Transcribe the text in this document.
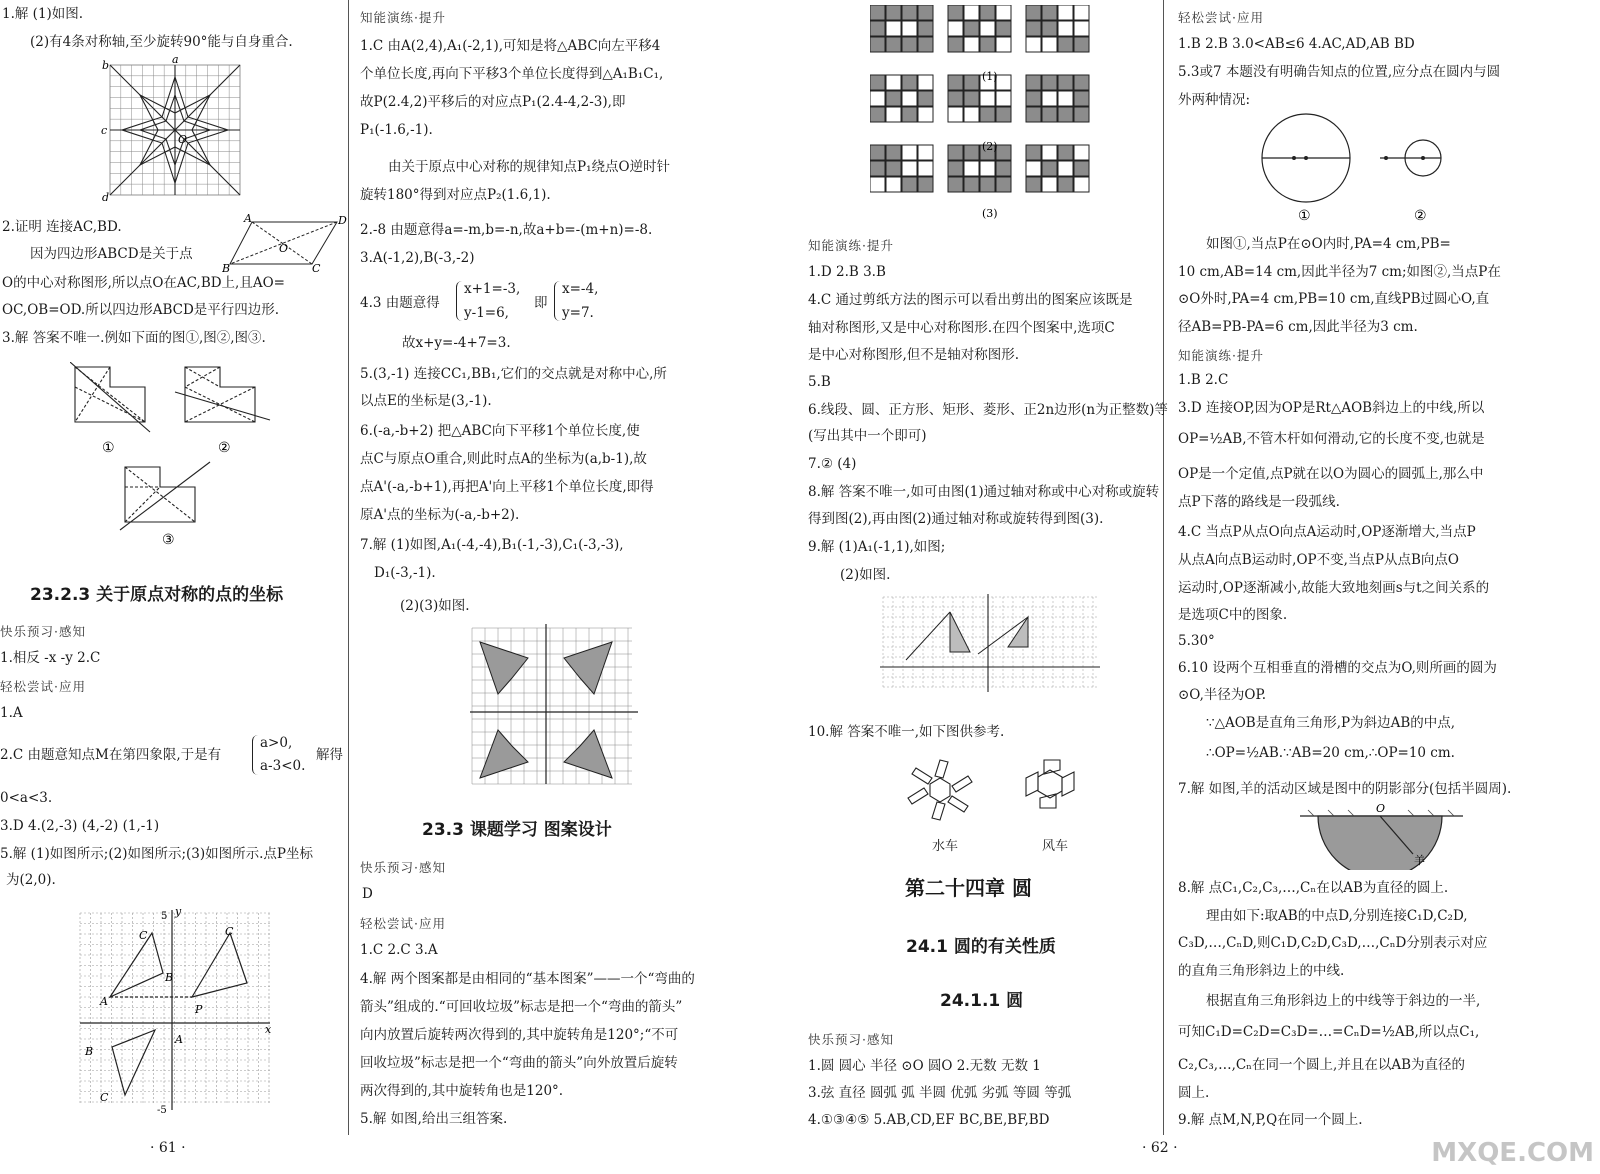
1.解 (1)如图.
(2)有4条对称轴,至少旋转90°能与自身重合.
b	a
c
d
O
2.证明 连接AC,BD.
因为四边形ABCD是关于点
A	D
O
B	C
O的中心对称图形,所以点O在AC,BD上,且AO=
OC,OB=OD.所以四边形ABCD是平行四边形.
3.解 答案不唯一.例如下面的图①,图②,图③.
①	②
③
23.2.3 关于原点对称的点的坐标
快乐预习·感知
1.相反 -x -y 2.C
轻松尝试·应用
1.A
2.C 由题意知点M在第四象限,于是有
a>0,
a-3<0.
解得
0<a<3.
3.D 4.(2,-3) (4,-2) (1,-1)
5.解 (1)如图所示;(2)如图所示;(3)如图所示.点P坐标
为(2,0).
C	C
B
A
P
A
B
C
y
x
5
-5
· 61 ·
知能演练·提升
1.C 由A(2,4),A₁(-2,1),可知是将△ABC向左平移4
个单位长度,再向下平移3个单位长度得到△A₁B₁C₁,
故P(2.4,2)平移后的对应点P₁(2.4-4,2-3),即
P₁(-1.6,-1).
由关于原点中心对称的规律知点P₁绕点O逆时针
旋转180°得到对应点P₂(1.6,1).
2.-8 由题意得a=-m,b=-n,故a+b=-(m+n)=-8.
3.A(-1,2),B(-3,-2)
4.3 由题意得
x+1=-3,
y-1=6,
即
x=-4,
y=7.
故x+y=-4+7=3.
5.(3,-1) 连接CC₁,BB₁,它们的交点就是对称中心,所
以点E的坐标是(3,-1).
6.(-a,-b+2) 把△ABC向下平移1个单位长度,使
点C与原点O重合,则此时点A的坐标为(a,b-1),故
点A'(-a,-b+1),再把A'向上平移1个单位长度,即得
原A'点的坐标为(-a,-b+2).
7.解 (1)如图,A₁(-4,-4),B₁(-1,-3),C₁(-3,-3),
D₁(-3,-1).
(2)(3)如图.
23.3 课题学习 图案设计
快乐预习·感知
D
轻松尝试·应用
1.C 2.C 3.A
4.解 两个图案都是由相同的“基本图案”——一个“弯曲的
箭头”组成的.“可回收垃圾”标志是把一个“弯曲的箭头”
向内放置后旋转两次得到的,其中旋转角是120°;“不可
回收垃圾”标志是把一个“弯曲的箭头”向外放置后旋转
两次得到的,其中旋转角也是120°.
5.解 如图,给出三组答案.
(1)
(2)
(3)
知能演练·提升
1.D 2.B 3.B
4.C 通过剪纸方法的图示可以看出剪出的图案应该既是
轴对称图形,又是中心对称图形.在四个图案中,选项C
是中心对称图形,但不是轴对称图形.
5.B
6.线段、圆、正方形、矩形、菱形、正2n边形(n为正整数)等
(写出其中一个即可)
7.② (4)
8.解 答案不唯一,如可由图(1)通过轴对称或中心对称或旋转
得到图(2),再由图(2)通过轴对称或旋转得到图(3).
9.解 (1)A₁(-1,1),如图;
(2)如图.
10.解 答案不唯一,如下图供参考.
水车	风车
第二十四章 圆
24.1 圆的有关性质
24.1.1 圆
快乐预习·感知
1.圆 圆心 半径 ⊙O 圆O 2.无数 无数 1
3.弦 直径 圆弧 弧 半圆 优弧 劣弧 等圆 等弧
4.①③④⑤ 5.AB,CD,EF BC,BE,BF,BD
轻松尝试·应用
1.B 2.B 3.0<AB≤6 4.AC,AD,AB BD
5.3或7 本题没有明确告知点的位置,应分点在圆内与圆
外两种情况:
①	②
如图①,当点P在⊙O内时,PA=4 cm,PB=
10 cm,AB=14 cm,因此半径为7 cm;如图②,当点P在
⊙O外时,PA=4 cm,PB=10 cm,直线PB过圆心O,直
径AB=PB-PA=6 cm,因此半径为3 cm.
知能演练·提升
1.B 2.C
3.D 连接OP,因为OP是Rt△AOB斜边上的中线,所以
OP=½AB,不管木杆如何滑动,它的长度不变,也就是
OP是一个定值,点P就在以O为圆心的圆弧上,那么中
点P下落的路线是一段弧线.
4.C 当点P从点O向点A运动时,OP逐渐增大,当点P
从点A向点B运动时,OP不变,当点P从点B向点O
运动时,OP逐渐减小,故能大致地刻画s与t之间关系的
是选项C中的图象.
5.30°
6.10 设两个互相垂直的滑槽的交点为O,则所画的圆为
⊙O,半径为OP.
∵△AOB是直角三角形,P为斜边AB的中点,
∴OP=½AB.∵AB=20 cm,∴OP=10 cm.
7.解 如图,羊的活动区域是图中的阴影部分(包括半圆周).
O
羊
8.解 点C₁,C₂,C₃,…,Cₙ在以AB为直径的圆上.
理由如下:取AB的中点D,分别连接C₁D,C₂D,
C₃D,…,CₙD,则C₁D,C₂D,C₃D,…,CₙD分别表示对应
的直角三角形斜边上的中线.
根据直角三角形斜边上的中线等于斜边的一半,
可知C₁D=C₂D=C₃D=…=CₙD=½AB,所以点C₁,
C₂,C₃,…,Cₙ在同一个圆上,并且在以AB为直径的
圆上.
9.解 点M,N,P,Q在同一个圆上.
· 62 ·	MXQE.COM
